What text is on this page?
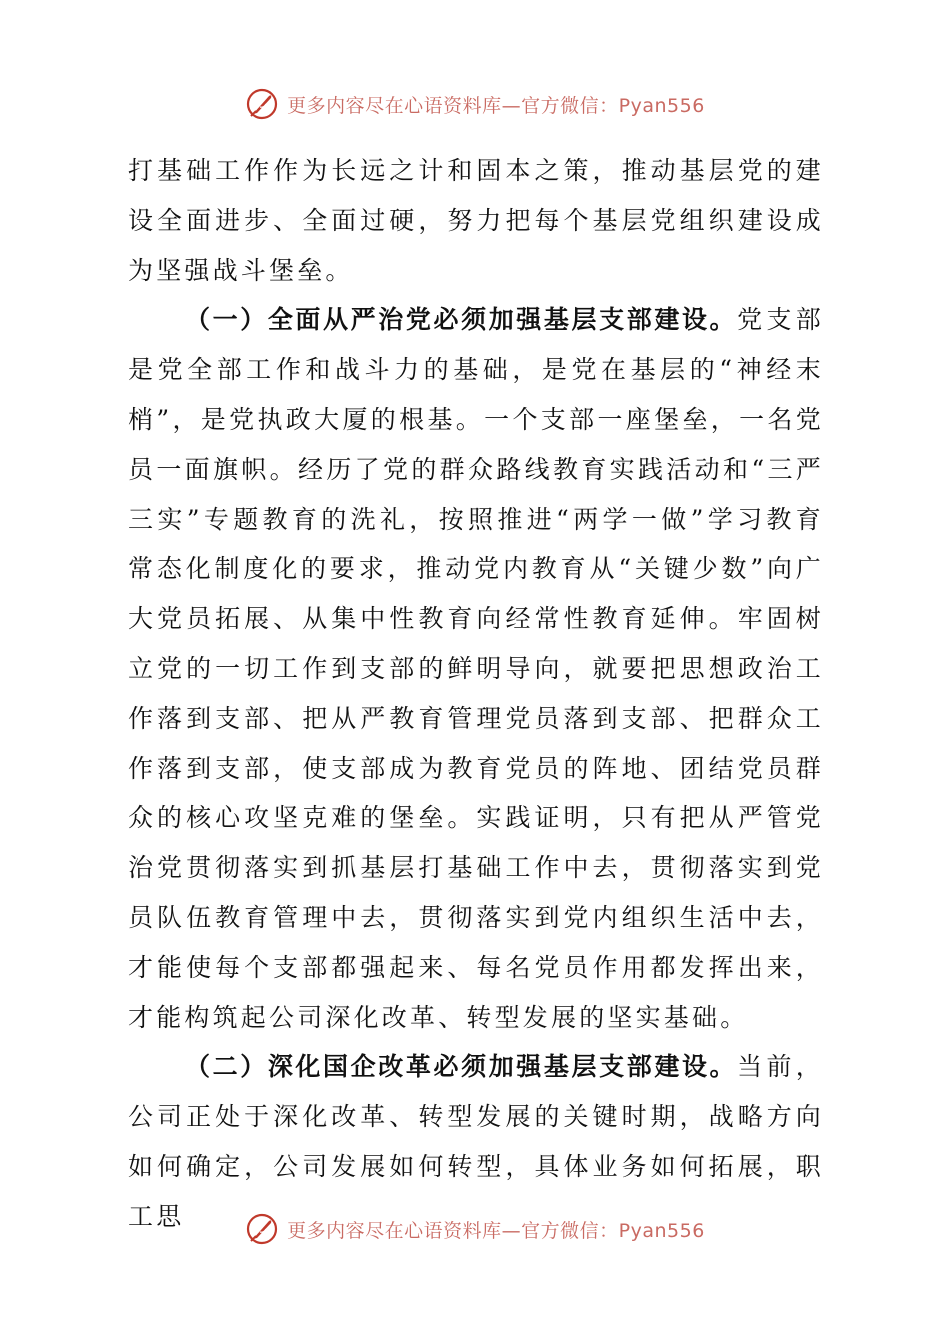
更多内容尽在心语资料库—官方微信：Pyan556

打基础工作作为长远之计和固本之策，推动基层党的建设全面进步、全面过硬，努力把每个基层党组织建设成为坚强战斗堡垒。

（一）全面从严治党必须加强基层支部建设。党支部是党全部工作和战斗力的基础，是党在基层的“神经末梢”，是党执政大厦的根基。一个支部一座堡垒，一名党员一面旗帜。经历了党的群众路线教育实践活动和“三严三实”专题教育的洗礼，按照推进“两学一做”学习教育常态化制度化的要求，推动党内教育从“关键少数”向广大党员拓展、从集中性教育向经常性教育延伸。牢固树立党的一切工作到支部的鲜明导向，就要把思想政治工作落到支部、把从严教育管理党员落到支部、把群众工作落到支部，使支部成为教育党员的阵地、团结党员群众的核心攻坚克难的堡垒。实践证明，只有把从严管党治党贯彻落实到抓基层打基础工作中去，贯彻落实到党员队伍教育管理中去，贯彻落实到党内组织生活中去，才能使每个支部都强起来、每名党员作用都发挥出来，才能构筑起公司深化改革、转型发展的坚实基础。

（二）深化国企改革必须加强基层支部建设。当前，公司正处于深化改革、转型发展的关键时期，战略方向如何确定，公司发展如何转型，具体业务如何拓展，职工思	更多内容尽在心语资料库—官方微信：Pyan556
